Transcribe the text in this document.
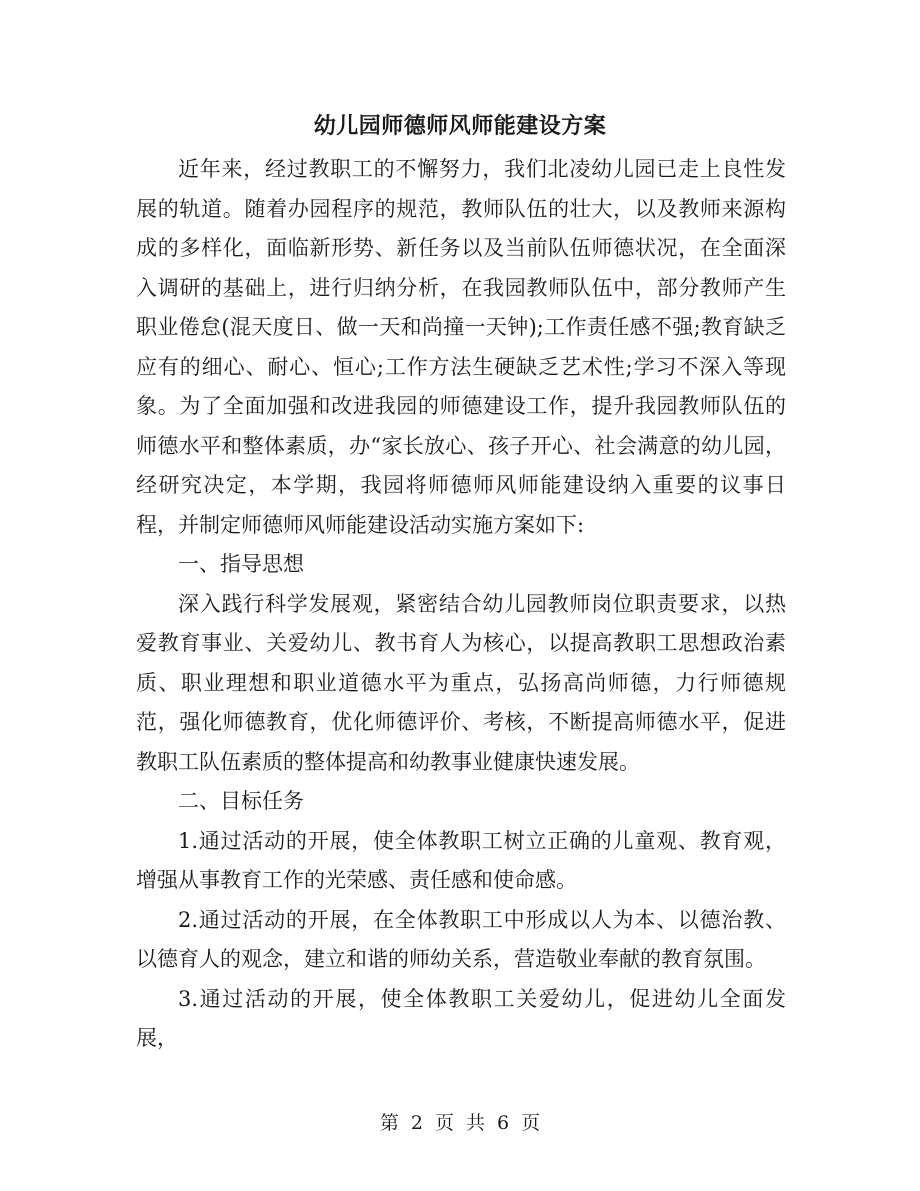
幼儿园师德师风师能建设方案

近年来，经过教职工的不懈努力，我们北凌幼儿园已走上良性发展的轨道。随着办园程序的规范，教师队伍的壮大，以及教师来源构成的多样化，面临新形势、新任务以及当前队伍师德状况，在全面深入调研的基础上，进行归纳分析，在我园教师队伍中，部分教师产生职业倦怠(混天度日、做一天和尚撞一天钟);工作责任感不强;教育缺乏应有的细心、耐心、恒心;工作方法生硬缺乏艺术性;学习不深入等现象。为了全面加强和改进我园的师德建设工作，提升我园教师队伍的师德水平和整体素质，办“家长放心、孩子开心、社会满意的幼儿园，经研究决定，本学期，我园将师德师风师能建设纳入重要的议事日程，并制定师德师风师能建设活动实施方案如下:

一、指导思想

深入践行科学发展观，紧密结合幼儿园教师岗位职责要求，以热爱教育事业、关爱幼儿、教书育人为核心，以提高教职工思想政治素质、职业理想和职业道德水平为重点，弘扬高尚师德，力行师德规范，强化师德教育，优化师德评价、考核，不断提高师德水平，促进教职工队伍素质的整体提高和幼教事业健康快速发展。

二、目标任务

1.通过活动的开展，使全体教职工树立正确的儿童观、教育观，增强从事教育工作的光荣感、责任感和使命感。

2.通过活动的开展，在全体教职工中形成以人为本、以德治教、以德育人的观念，建立和谐的师幼关系，营造敬业奉献的教育氛围。

3.通过活动的开展，使全体教职工关爱幼儿，促进幼儿全面发展，

第 2 页 共 6 页
